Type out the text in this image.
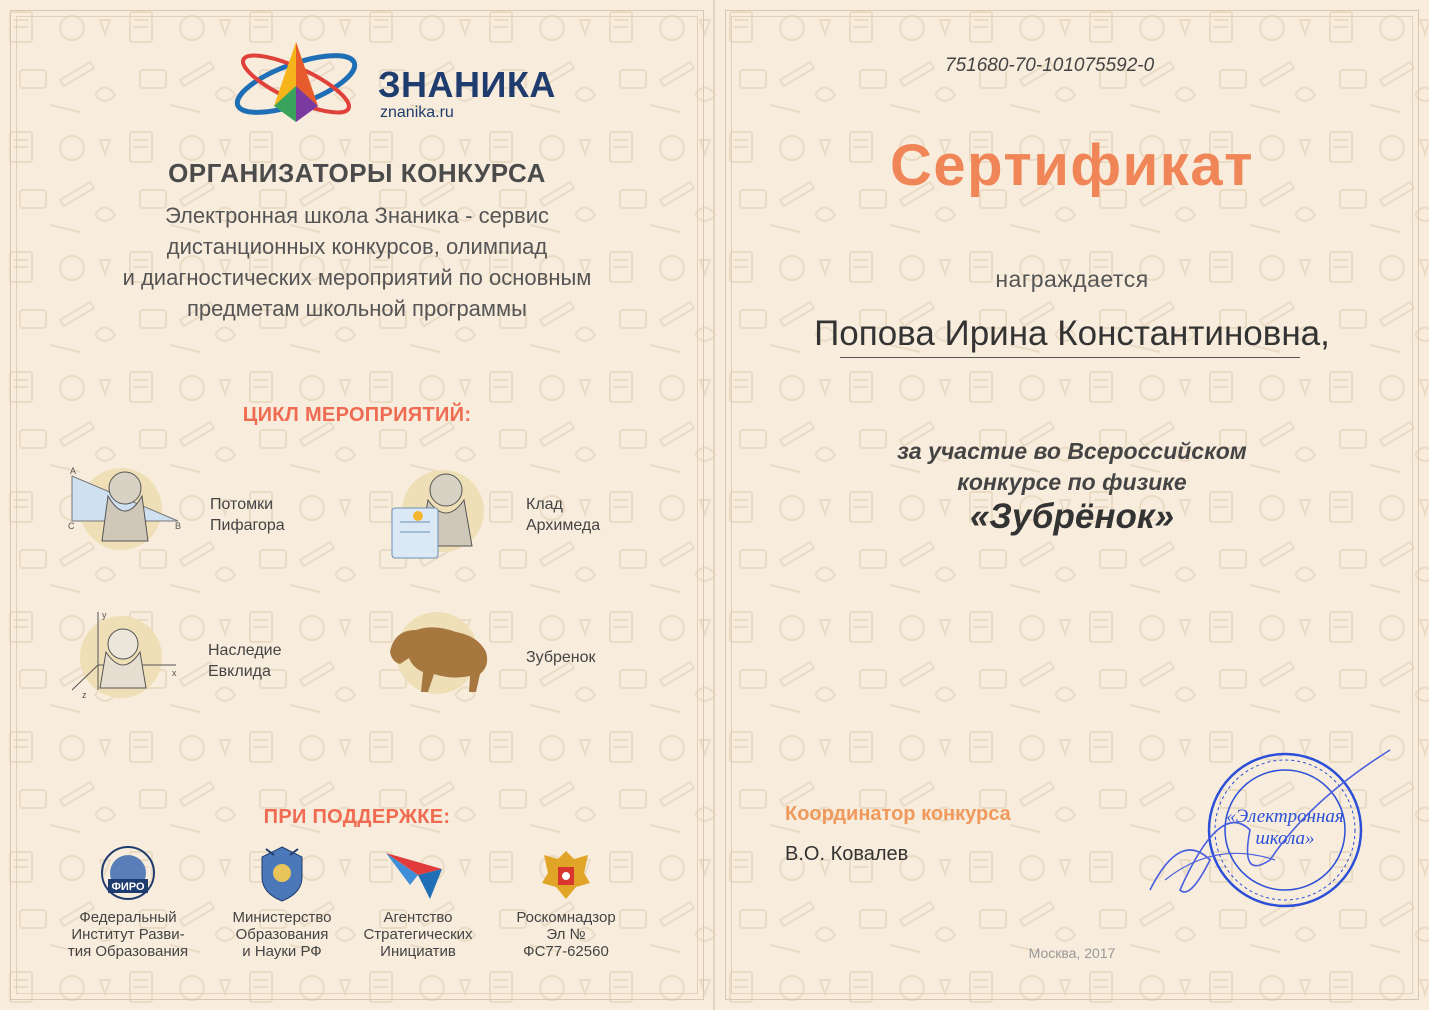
ЗНАНИКА
znanika.ru
ОРГАНИЗАТОРЫ КОНКУРСА
Электронная школа Знаника - сервис
дистанционных конкурсов, олимпиад
и диагностических мероприятий по основным
предметам школьной программы
ЦИКЛ МЕРОПРИЯТИЙ:
A
C	B
Потомки
Пифагора
Клад
Архимеда
x
y
z
Наследие
Евклида
Зубренок
ПРИ ПОДДЕРЖКЕ:
ФИРО
Федеральный
Институт Разви-
тия Образования
Министерство
Образования
и Науки РФ
Агентство
Стратегических
Инициатив
Роскомнадзор
Эл №
ФС77-62560
751680-70-101075592-0
Сертификат
награждается
Попова Ирина Константиновна,
за участие во Всероссийском
конкурсе по физике
«Зубрёнок»
Координатор конкурса
В.О. Ковалев
«Электронная
школа»
Москва, 2017
